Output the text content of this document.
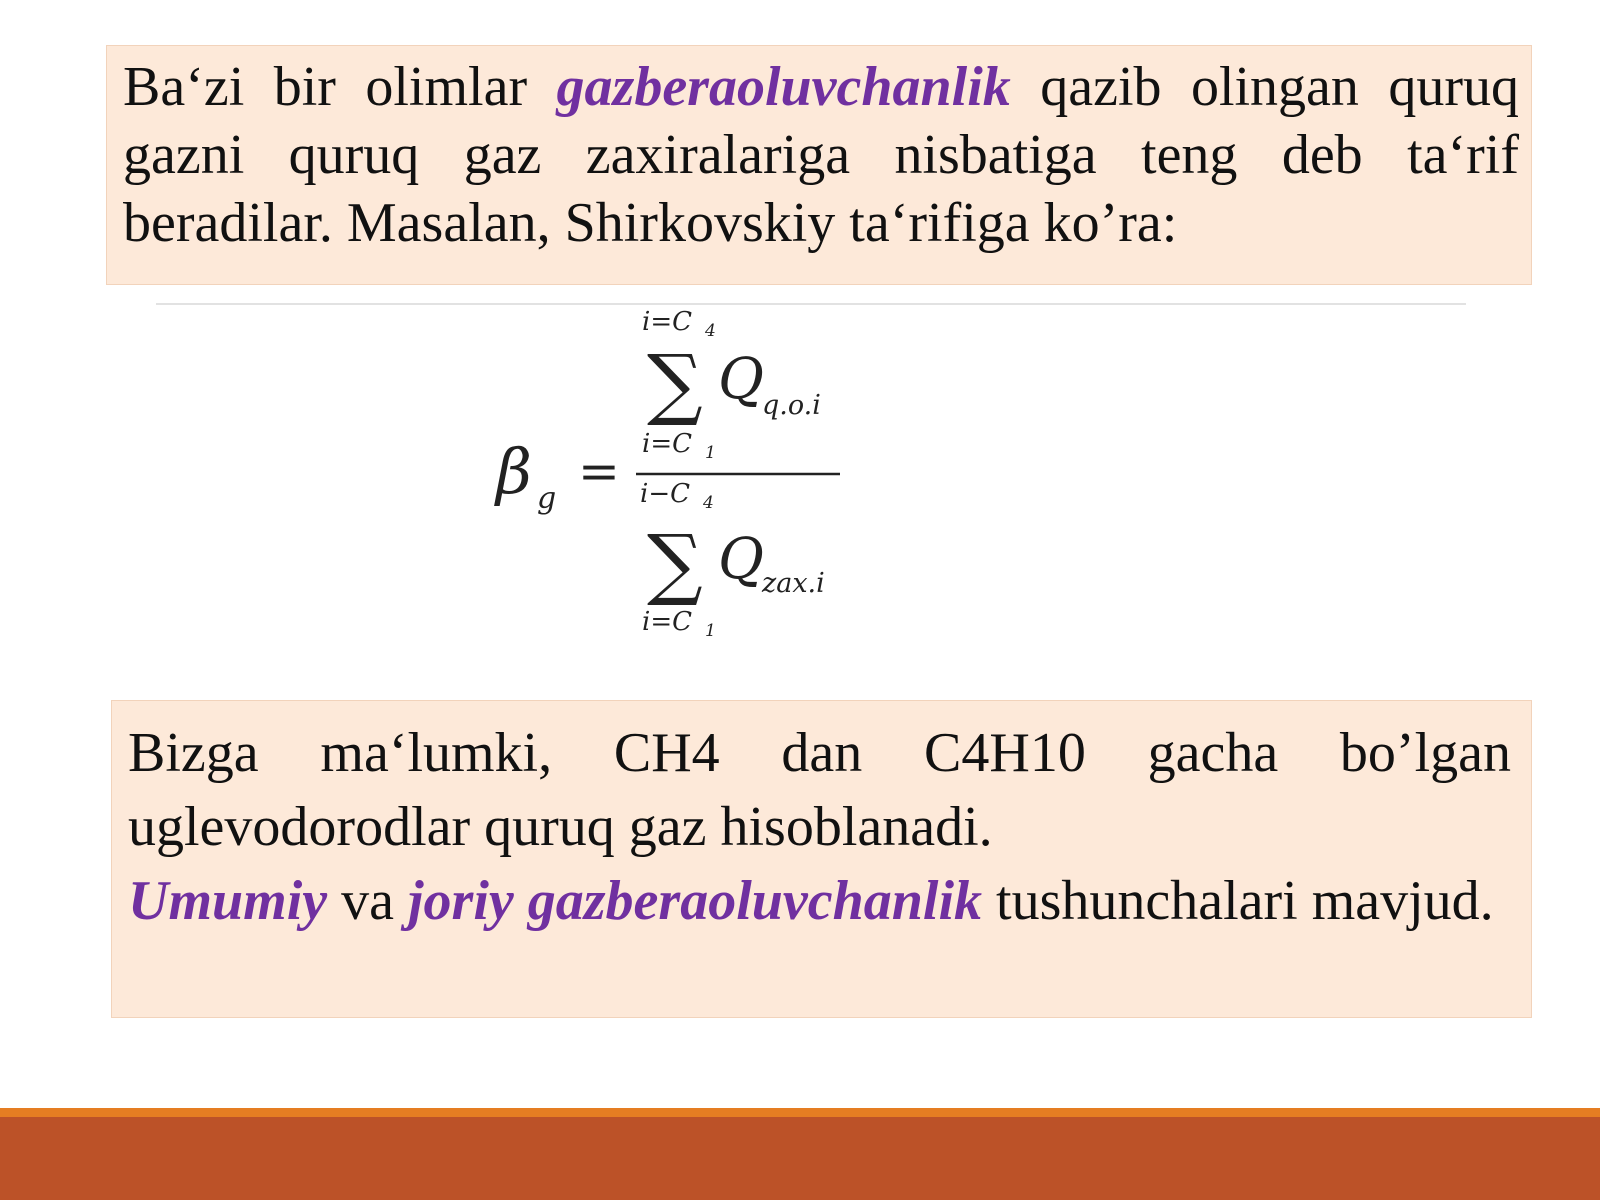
Ba‘zi bir olimlar gazberaoluvchanlik qazib olingan quruq gazni quruq gaz zaxiralariga nisbatiga teng deb ta‘rif beradilar. Masalan, Shirkovskiy ta‘rifiga ko’ra:
β g =
i=C 4
∑ Q
q.o.i
i=C 1
i−C 4
∑ Q
zax.i
i=C 1
Bizga ma‘lumki, CH4 dan C4H10 gacha bo’lgan uglevodorodlar quruq gaz hisoblanadi.
Umumiy va joriy gazberaoluvchanlik tushunchalari mavjud.
